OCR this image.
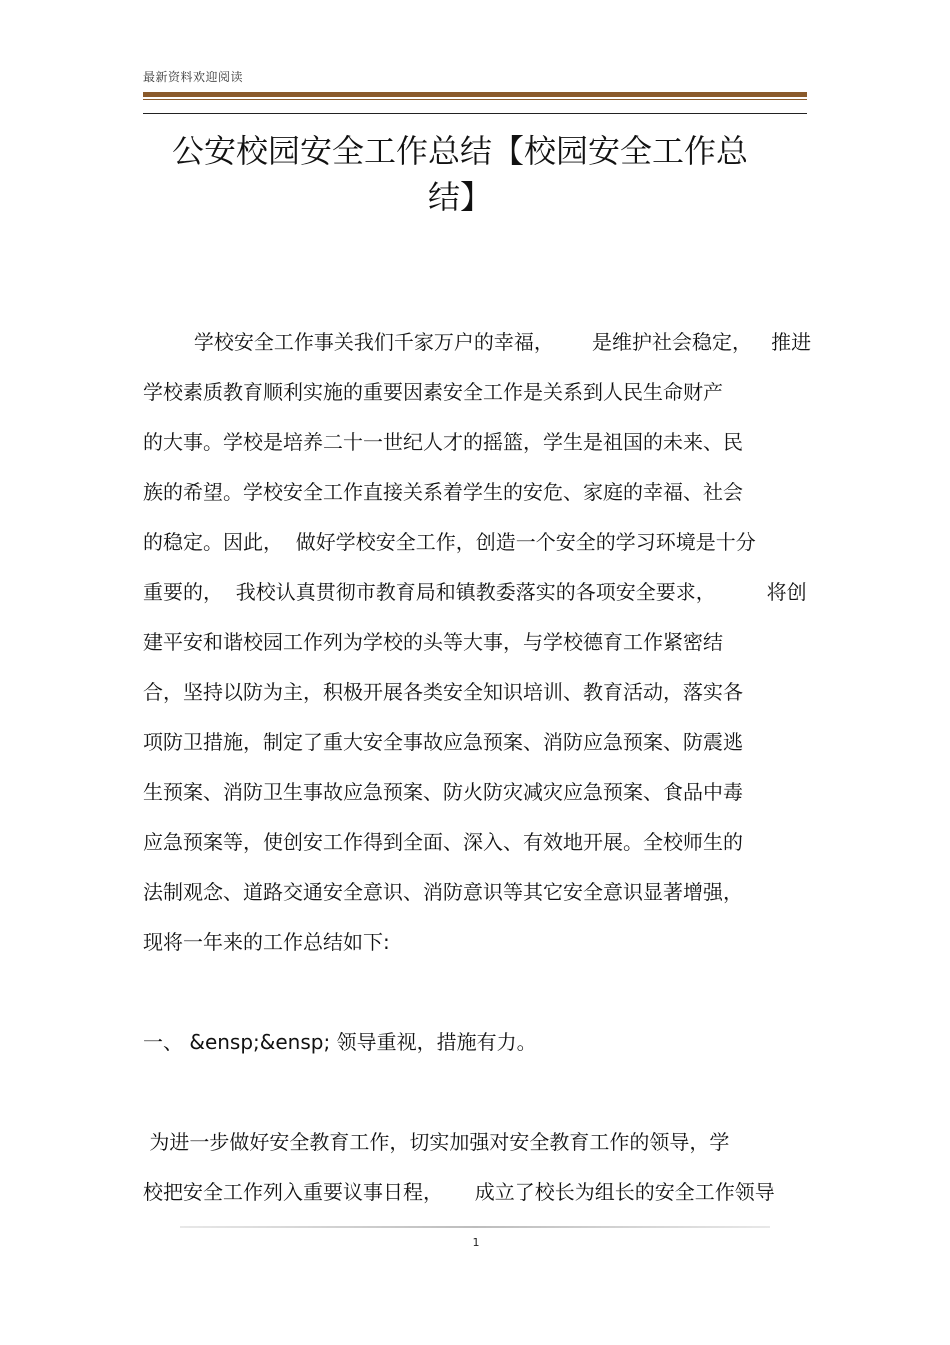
最新资料欢迎阅读
公安校园安全工作总结【校园安全工作总结】
学校安全工作事关我们千家万户的幸福，      是维护社会稳定，   推进
学校素质教育顺利实施的重要因素安全工作是关系到人民生命财产
的大事。学校是培养二十一世纪人才的摇篮，学生是祖国的未来、民
族的希望。学校安全工作直接关系着学生的安危、家庭的幸福、社会
的稳定。因此，  做好学校安全工作，创造一个安全的学习环境是十分
重要的，  我校认真贯彻市教育局和镇教委落实的各项安全要求，        将创
建平安和谐校园工作列为学校的头等大事，与学校德育工作紧密结
合，坚持以防为主，积极开展各类安全知识培训、教育活动，落实各
项防卫措施，制定了重大安全事故应急预案、消防应急预案、防震逃
生预案、消防卫生事故应急预案、防火防灾减灾应急预案、食品中毒
应急预案等，使创安工作得到全面、深入、有效地开展。全校师生的
法制观念、道路交通安全意识、消防意识等其它安全意识显著增强，
现将一年来的工作总结如下:
一、 &ensp;&ensp; 领导重视，措施有力。
为进一步做好安全教育工作，切实加强对安全教育工作的领导，学
校把安全工作列入重要议事日程，     成立了校长为组长的安全工作领导
1
